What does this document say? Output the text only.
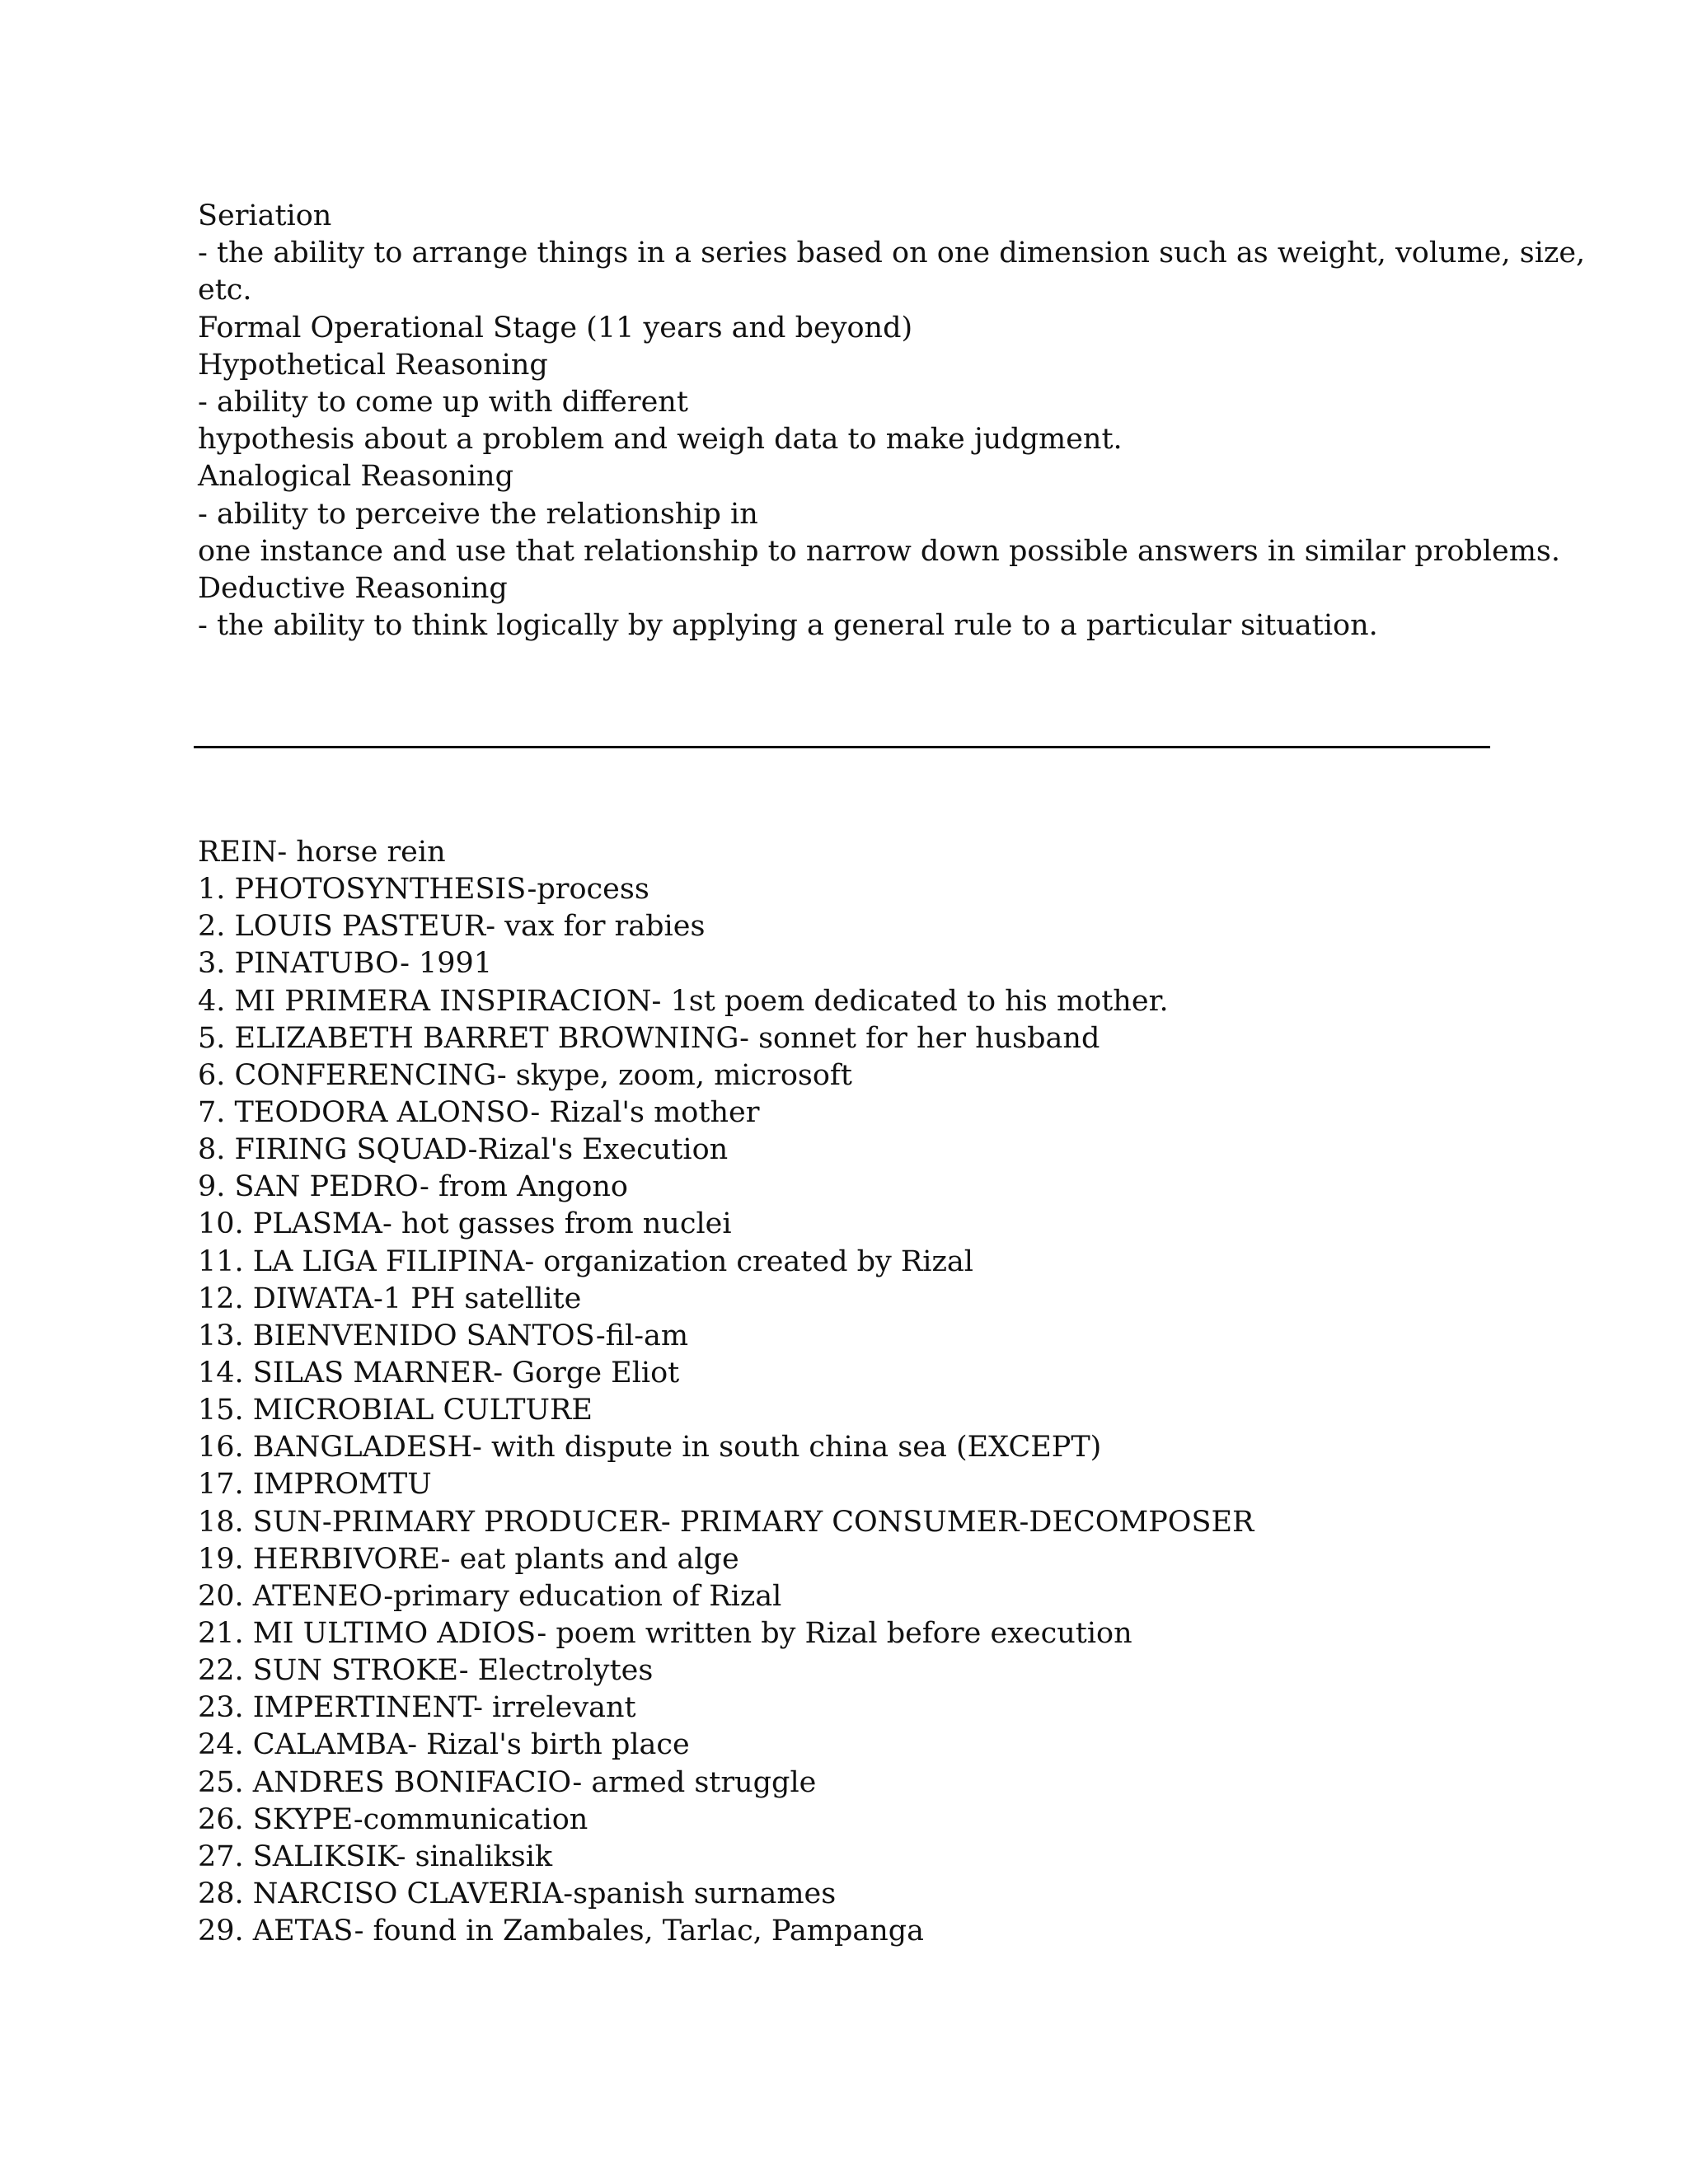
Seriation

- the ability to arrange things in a series based on one dimension such as weight, volume, size,

etc.

Formal Operational Stage (11 years and beyond)

Hypothetical Reasoning

- ability to come up with different

hypothesis about a problem and weigh data to make judgment.

Analogical Reasoning

- ability to perceive the relationship in

one instance and use that relationship to narrow down possible answers in similar problems.

Deductive Reasoning

- the ability to think logically by applying a general rule to a particular situation.

REIN- horse rein

1. PHOTOSYNTHESIS-process
2. LOUIS PASTEUR- vax for rabies
3. PINATUBO- 1991
4. MI PRIMERA INSPIRACION- 1st poem dedicated to his mother.
5. ELIZABETH BARRET BROWNING- sonnet for her husband
6. CONFERENCING- skype, zoom, microsoft
7. TEODORA ALONSO- Rizal's mother
8. FIRING SQUAD-Rizal's Execution
9. SAN PEDRO- from Angono
10. PLASMA- hot gasses from nuclei
11. LA LIGA FILIPINA- organization created by Rizal
12. DIWATA-1 PH satellite
13. BIENVENIDO SANTOS-fil-am
14. SILAS MARNER- Gorge Eliot
15. MICROBIAL CULTURE
16. BANGLADESH- with dispute in south china sea (EXCEPT)
17. IMPROMTU
18. SUN-PRIMARY PRODUCER- PRIMARY CONSUMER-DECOMPOSER
19. HERBIVORE- eat plants and alge
20. ATENEO-primary education of Rizal
21. MI ULTIMO ADIOS- poem written by Rizal before execution
22. SUN STROKE- Electrolytes
23. IMPERTINENT- irrelevant
24. CALAMBA- Rizal's birth place
25. ANDRES BONIFACIO- armed struggle
26. SKYPE-communication
27. SALIKSIK- sinaliksik
28. NARCISO CLAVERIA-spanish surnames
29. AETAS- found in Zambales, Tarlac, Pampanga
